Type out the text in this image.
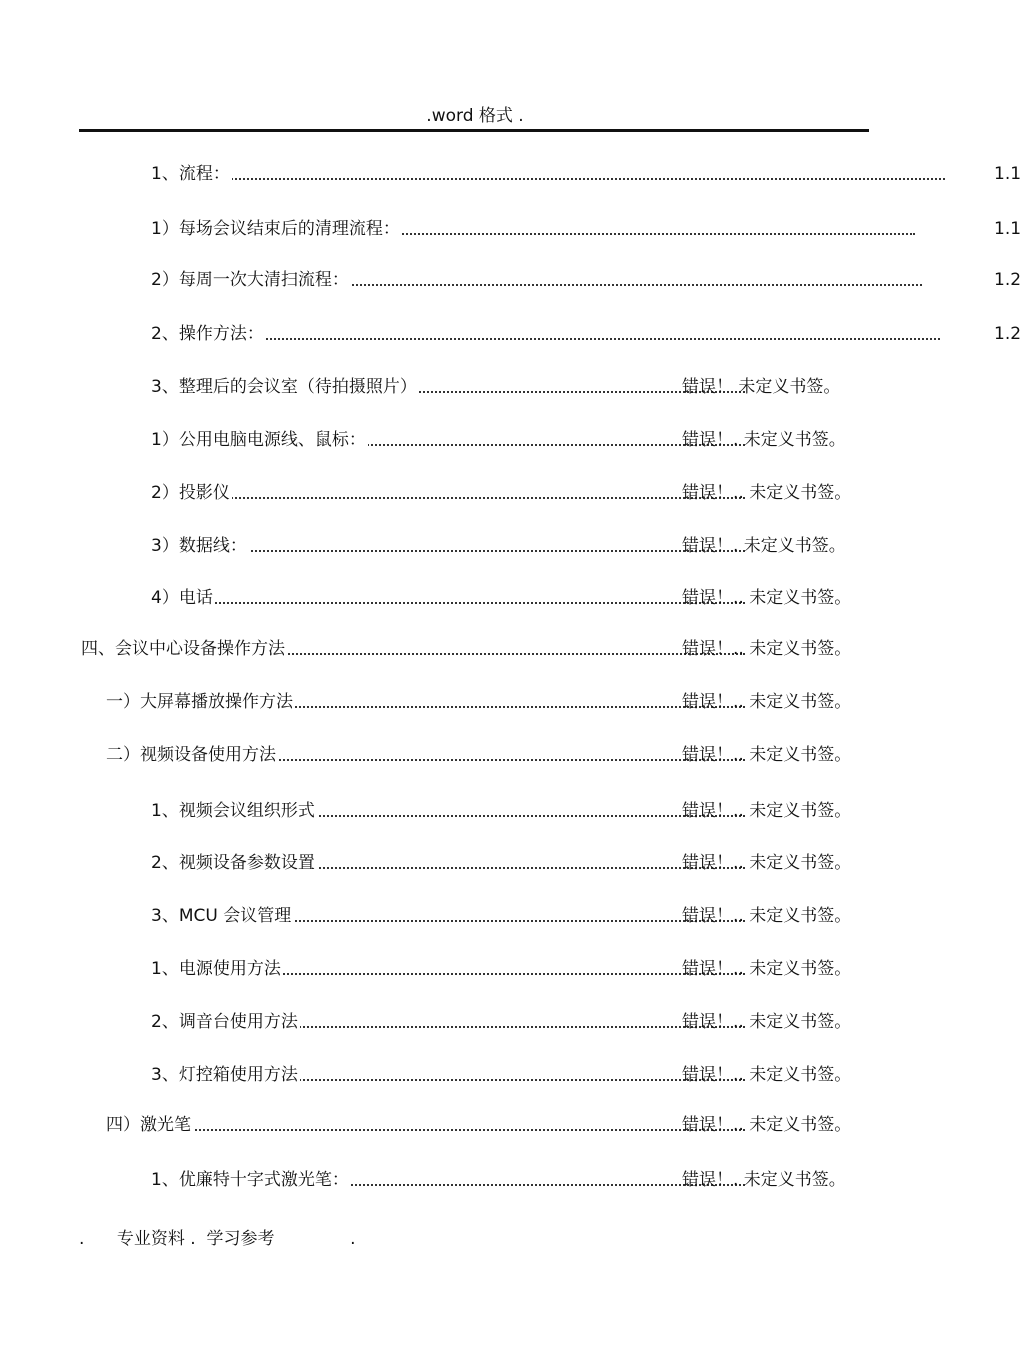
.word 格式 .
1、流程：	1.1
1）每场会议结束后的清理流程：	1.1
2）每周一次大清扫流程：	1.2
2、操作方法：	1.2
3、整理后的会议室（待拍摄照片）	错误！ 未定义书签。
1）公用电脑电源线、鼠标：	错误！. 未定义书签。
2）投影仪	错误！.. 未定义书签。
3）数据线：	错误！. 未定义书签。
4）电话	错误！.. 未定义书签。
四、会议中心设备操作方法	错误！.. 未定义书签。
一）大屏幕播放操作方法	错误！.. 未定义书签。
二）视频设备使用方法	错误！.. 未定义书签。
1、视频会议组织形式	错误！.. 未定义书签。
2、视频设备参数设置	错误！.. 未定义书签。
3、MCU 会议管理	错误！.. 未定义书签。
1、电源使用方法	错误！.. 未定义书签。
2、调音台使用方法	错误！.. 未定义书签。
3、灯控箱使用方法	错误！.. 未定义书签。
四）激光笔	错误！.. 未定义书签。
1、优廉特十字式激光笔：	错误！. 未定义书签。
.      专业资料 .  学习参考              .
